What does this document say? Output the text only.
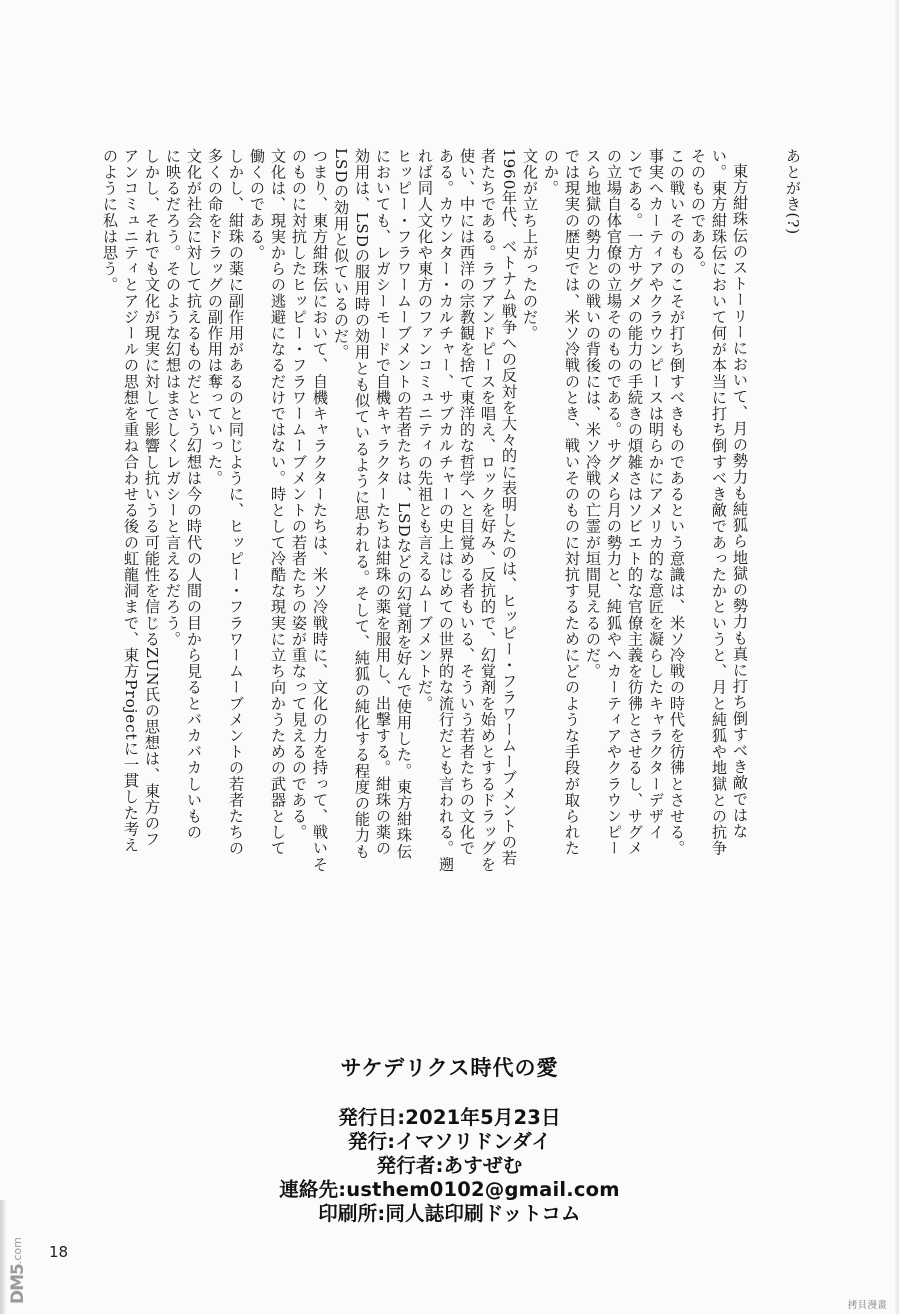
あとがき(?)
東方紺珠伝のストーリーにおいて、月の勢力も純狐ら地獄の勢力も真に打ち倒すべき敵ではな
い。東方紺珠伝において何が本当に打ち倒すべき敵であったかというと、月と純狐や地獄との抗争
そのものである。
この戦いそのものこそが打ち倒すべきものであるという意識は、米ソ冷戦の時代を彷彿とさせる。
事実ヘカーティアやクラウンピースは明らかにアメリカ的な意匠を凝らしたキャラクターデザイ
ンである。一方サグメの能力の手続きの煩雑さはソビエト的な官僚主義を彷彿とさせるし、サグメ
の立場自体官僚の立場そのものである。サグメら月の勢力と、純狐やヘカーティアやクラウンピー
スら地獄の勢力との戦いの背後には、米ソ冷戦の亡霊が垣間見えるのだ。
では現実の歴史では、米ソ冷戦のとき、戦いそのものに対抗するためにどのような手段が取られた
のか。
文化が立ち上がったのだ。
1960年代、ベトナム戦争への反対を大々的に表明したのは、ヒッピー・フラワームーブメントの若
者たちである。ラブアンドピースを唱え、ロックを好み、反抗的で、幻覚剤を始めとするドラッグを
使い、中には西洋の宗教観を捨て東洋的な哲学へと目覚める者もいる、そういう若者たちの文化で
ある。カウンター・カルチャー、サブカルチャーの史上はじめての世界的な流行だとも言われる。遡
れば同人文化や東方のファンコミュニティの先祖とも言えるムーブメントだ。
ヒッピー・フラワームーブメントの若者たちは、LSDなどの幻覚剤を好んで使用した。東方紺珠伝
においても、レガシーモードで自機キャラクターたちは紺珠の薬を服用し、出撃する。紺珠の薬の
効用は、LSDの服用時の効用とも似ているように思われる。そして、純狐の純化する程度の能力も
LSDの効用と似ているのだ。
つまり、東方紺珠伝において、自機キャラクターたちは、米ソ冷戦時に、文化の力を持って、戦いそ
のものに対抗したヒッピー・フラワームーブメントの若者たちの姿が重なって見えるのである。
文化は、現実からの逃避になるだけではない。時として冷酷な現実に立ち向かうための武器として
働くのである。
しかし、紺珠の薬に副作用があるのと同じように、ヒッピー・フラワームーブメントの若者たちの
多くの命をドラッグの副作用は奪っていった。
文化が社会に対して抗えるものだという幻想は今の時代の人間の目から見るとバカバカしいもの
に映るだろう。そのような幻想はまさしくレガシーと言えるだろう。
しかし、それでも文化が現実に対して影響し抗いうる可能性を信じるZUN氏の思想は、東方のフ
アンコミュニティとアジールの思想を重ね合わせる後の虹龍洞まで、東方Projectに一貫した考え
のように私は思う。
サケデリクス時代の愛
発行日:2021年5月23日
発行:イマソリドンダイ
発行者:あすぜむ
連絡先:usthem0102@gmail.com
印刷所:同人誌印刷ドットコム
DM5.com	18
拷貝漫畫
